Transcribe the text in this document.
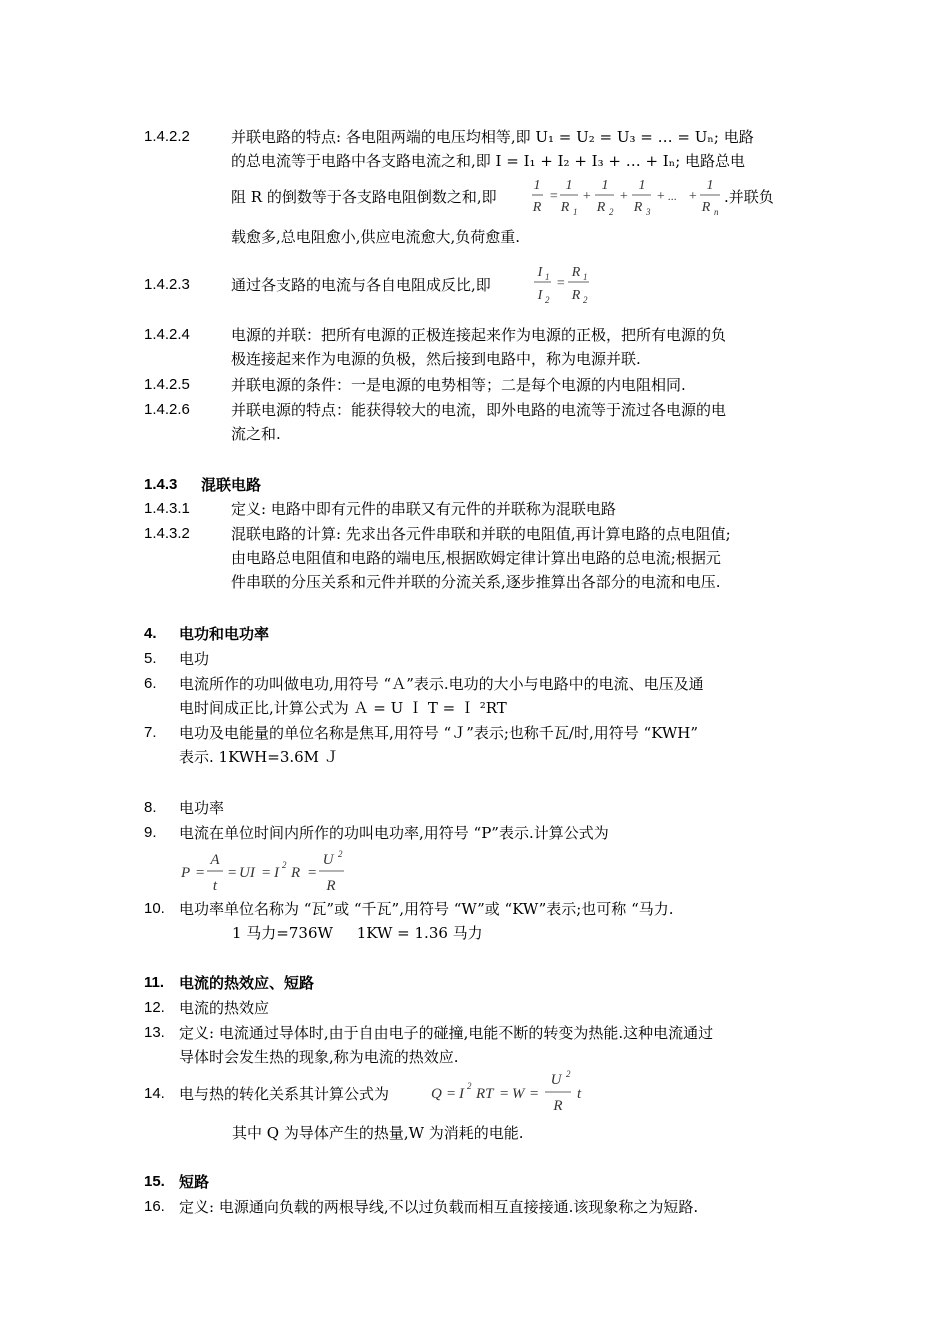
1.4.2.2	并联电路的特点: 各电阻两端的电压均相等,即 U₁ = U₂ = U₃ = … = Uₙ; 电路
的总电流等于电路中各支路电流之和,即 I = I₁ + I₂ + I₃ + … + Iₙ; 电路总电
阻 R 的倒数等于各支路电阻倒数之和,即
1
R
=
1
R 1
+
1
R 2
+
1
R 3
+ ... +
1
R n
.并联负
载愈多,总电阻愈小,供应电流愈大,负荷愈重.
1.4.2.3	通过各支路的电流与各自电阻成反比,即
I 1
I 2
=
R 1
R 2
1.4.2.4	电源的并联：把所有电源的正极连接起来作为电源的正极，把所有电源的负
极连接起来作为电源的负极，然后接到电路中，称为电源并联.
1.4.2.5	并联电源的条件：一是电源的电势相等；二是每个电源的内电阻相同.
1.4.2.6	并联电源的特点：能获得较大的电流，即外电路的电流等于流过各电源的电
流之和.
1.4.3 混联电路
1.4.3.1	定义: 电路中即有元件的串联又有元件的并联称为混联电路
1.4.3.2	混联电路的计算: 先求出各元件串联和并联的电阻值,再计算电路的点电阻值;
由电路总电阻值和电路的端电压,根据欧姆定律计算出电路的总电流;根据元
件串联的分压关系和元件并联的分流关系,逐步推算出各部分的电流和电压.
4. 电功和电功率
5. 电功
6. 电流所作的功叫做电功,用符号 “Ａ”表示.电功的大小与电路中的电流、电压及通
电时间成正比,计算公式为 Ａ = U Ｉ T = Ｉ ²RT
7. 电功及电能量的单位名称是焦耳,用符号 “Ｊ”表示;也称千瓦/时,用符号 “KWH”
表示. 1KWH=3.6M Ｊ
8. 电功率
9. 电流在单位时间内所作的功叫电功率,用符号 “P”表示.计算公式为
P =
A
t
= UI = I 2 R =
U 2
R
10. 电功率单位名称为 “瓦”或 “千瓦”,用符号 “W”或 “KW”表示;也可称 “马力.
1 马力=736W     1KW = 1.36 马力
11. 电流的热效应、短路
12. 电流的热效应
13. 定义: 电流通过导体时,由于自由电子的碰撞,电能不断的转变为热能.这种电流通过
导体时会发生热的现象,称为电流的热效应.
14. 电与热的转化关系其计算公式为	Q = I 2 RT = W =
U 2
R
t
其中 Q 为导体产生的热量,W 为消耗的电能.
15. 短路
16. 定义: 电源通向负载的两根导线,不以过负载而相互直接接通.该现象称之为短路.
